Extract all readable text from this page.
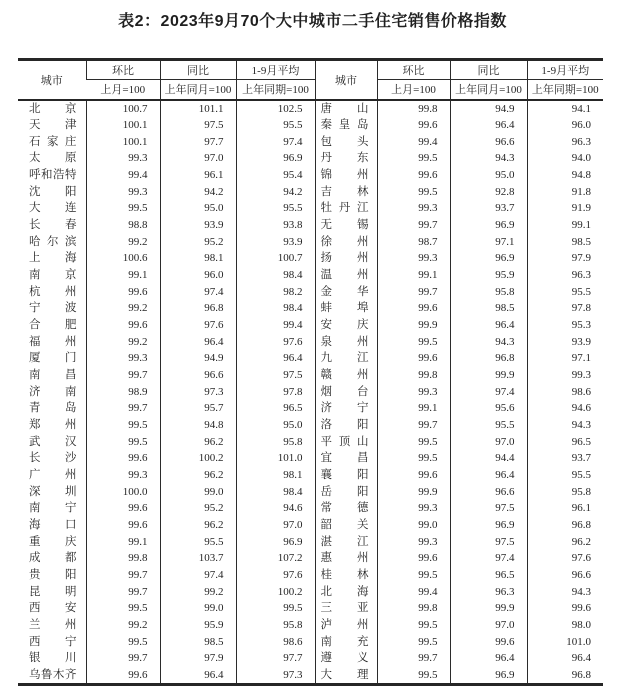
表2：2023年9月70个大中城市二手住宅销售价格指数
城市	环比	同比	1-9月平均	城市	环比	同比	1-9月平均
	上月=100	上年同月=100	上年同期=100		上月=100	上年同月=100	上年同期=100
北京	100.7	101.1	102.5	唐山	99.8	94.9	94.1
天津	100.1	97.5	95.5	秦皇岛	99.6	96.4	96.0
石家庄	100.1	97.7	97.4	包头	99.4	96.6	96.3
太原	99.3	97.0	96.9	丹东	99.5	94.3	94.0
呼和浩特	99.4	96.1	95.4	锦州	99.6	95.0	94.8
沈阳	99.3	94.2	94.2	吉林	99.5	92.8	91.8
大连	99.5	95.0	95.5	牡丹江	99.3	93.7	91.9
长春	98.8	93.9	93.8	无锡	99.7	96.9	99.1
哈尔滨	99.2	95.2	93.9	徐州	98.7	97.1	98.5
上海	100.6	98.1	100.7	扬州	99.3	96.9	97.9
南京	99.1	96.0	98.4	温州	99.1	95.9	96.3
杭州	99.6	97.4	98.2	金华	99.7	95.8	95.5
宁波	99.2	96.8	98.4	蚌埠	99.6	98.5	97.8
合肥	99.6	97.6	99.4	安庆	99.9	96.4	95.3
福州	99.2	96.4	97.6	泉州	99.5	94.3	93.9
厦门	99.3	94.9	96.4	九江	99.6	96.8	97.1
南昌	99.7	96.6	97.5	赣州	99.8	99.9	99.3
济南	98.9	97.3	97.8	烟台	99.3	97.4	98.6
青岛	99.7	95.7	96.5	济宁	99.1	95.6	94.6
郑州	99.5	94.8	95.0	洛阳	99.7	95.5	94.3
武汉	99.5	96.2	95.8	平顶山	99.5	97.0	96.5
长沙	99.6	100.2	101.0	宜昌	99.5	94.4	93.7
广州	99.3	96.2	98.1	襄阳	99.6	96.4	95.5
深圳	100.0	99.0	98.4	岳阳	99.9	96.6	95.8
南宁	99.6	95.2	94.6	常德	99.3	97.5	96.1
海口	99.6	96.2	97.0	韶关	99.0	96.9	96.8
重庆	99.1	95.5	96.9	湛江	99.3	97.5	96.2
成都	99.8	103.7	107.2	惠州	99.6	97.4	97.6
贵阳	99.7	97.4	97.6	桂林	99.5	96.5	96.6
昆明	99.7	99.2	100.2	北海	99.4	96.3	94.3
西安	99.5	99.0	99.5	三亚	99.8	99.9	99.6
兰州	99.2	95.9	95.8	泸州	99.5	97.0	98.0
西宁	99.5	98.5	98.6	南充	99.5	99.6	101.0
银川	99.7	97.9	97.7	遵义	99.7	96.4	96.4
乌鲁木齐	99.6	96.4	97.3	大理	99.5	96.9	96.8
